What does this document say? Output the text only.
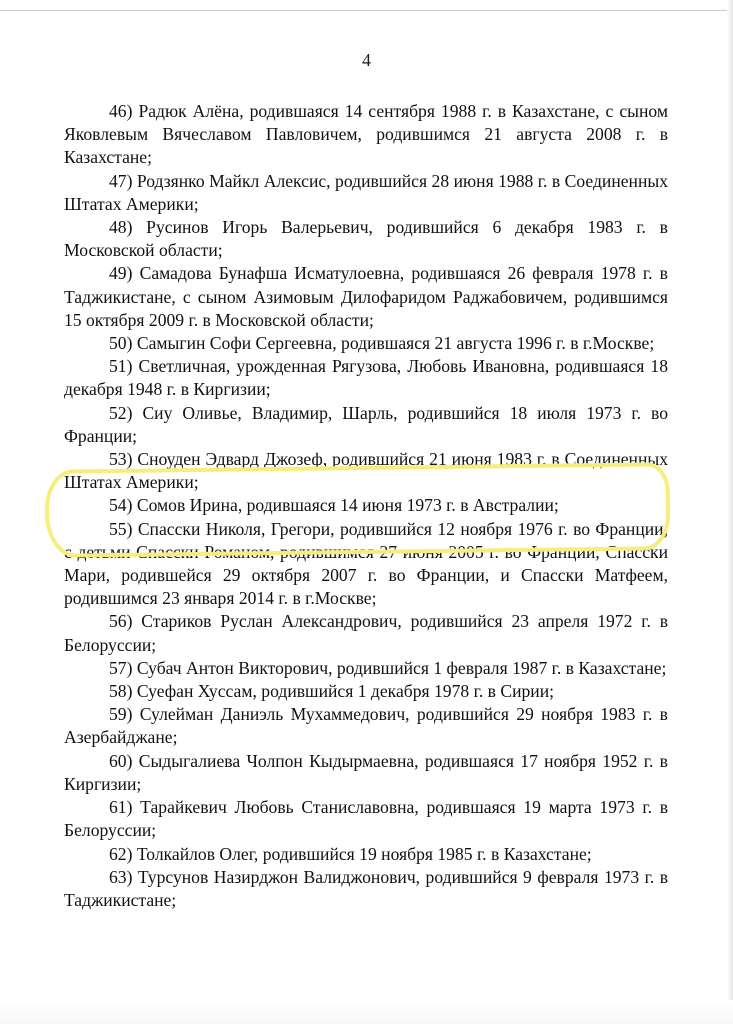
4

46) Радюк Алёна, родившаяся 14 сентября 1988 г. в Казахстане, с сыном Яковлевым Вячеславом Павловичем, родившимся 21 августа 2008 г. в Казахстане;

47) Родзянко Майкл Алексис, родившийся 28 июня 1988 г. в Соединенных Штатах Америки;

48) Русинов Игорь Валерьевич, родившийся 6 декабря 1983 г. в Московской области;

49) Самадова Бунафша Исматулоевна, родившаяся 26 февраля 1978 г. в Таджикистане, с сыном Азимовым Дилофаридом Раджабовичем, родившимся 15 октября 2009 г. в Московской области;

50) Самыгин Софи Сергеевна, родившаяся 21 августа 1996 г. в г.Москве;

51) Светличная, урожденная Рягузова, Любовь Ивановна, родившаяся 18 декабря 1948 г. в Киргизии;

52) Сиу Оливье, Владимир, Шарль, родившийся 18 июля 1973 г. во Франции;

53) Сноуден Эдвард Джозеф, родившийся 21 июня 1983 г. в Соединенных Штатах Америки;

54) Сомов Ирина, родившаяся 14 июня 1973 г. в Австралии;

55) Спасски Николя, Грегори, родившийся 12 ноября 1976 г. во Франции, с детьми Спасски Романом, родившимся 27 июня 2005 г. во Франции, Спасски Мари, родившейся 29 октября 2007 г. во Франции, и Спасски Матфеем, родившимся 23 января 2014 г. в г.Москве;

56) Стариков Руслан Александрович, родившийся 23 апреля 1972 г. в Белоруссии;

57) Субач Антон Викторович, родившийся 1 февраля 1987 г. в Казахстане;

58) Суефан Хуссам, родившийся 1 декабря 1978 г. в Сирии;

59) Сулейман Даниэль Мухаммедович, родившийся 29 ноября 1983 г. в Азербайджане;

60) Сыдыгалиева Чолпон Кыдырмаевна, родившаяся 17 ноября 1952 г. в Киргизии;

61) Тарайкевич Любовь Станиславовна, родившаяся 19 марта 1973 г. в Белоруссии;

62) Толкайлов Олег, родившийся 19 ноября 1985 г. в Казахстане;

63) Турсунов Назирджон Валиджонович, родившийся 9 февраля 1973 г. в Таджикистане;
